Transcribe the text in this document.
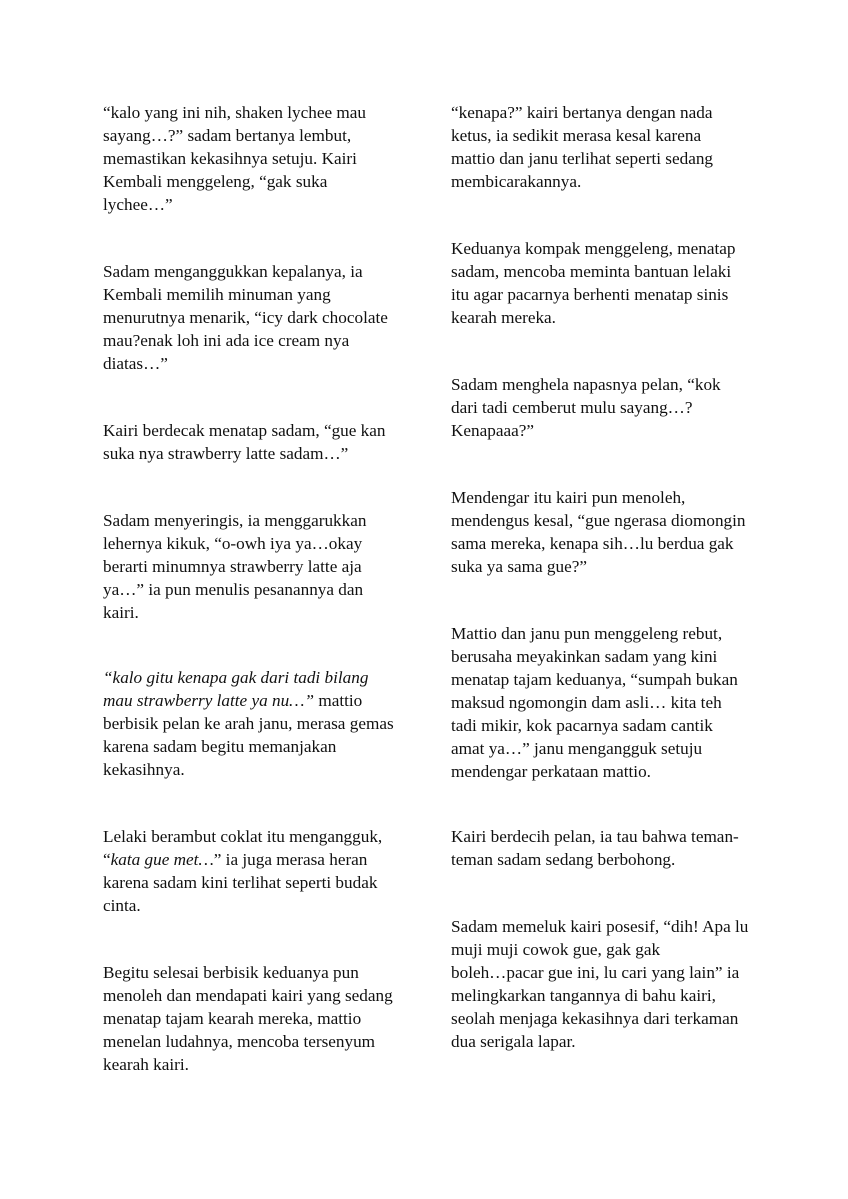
“kalo yang ini nih, shaken lychee mau
sayang…?” sadam bertanya lembut,
memastikan kekasihnya setuju. Kairi
Kembali menggeleng, “gak suka
lychee…”
Sadam menganggukkan kepalanya, ia
Kembali memilih minuman yang
menurutnya menarik, “icy dark chocolate
mau?enak loh ini ada ice cream nya
diatas…”
Kairi berdecak menatap sadam, “gue kan
suka nya strawberry latte sadam…”
Sadam menyeringis, ia menggarukkan
lehernya kikuk, “o-owh iya ya…okay
berarti minumnya strawberry latte aja
ya…” ia pun menulis pesanannya dan
kairi.
“kalo gitu kenapa gak dari tadi bilang
mau strawberry latte ya nu…” mattio
berbisik pelan ke arah janu, merasa gemas
karena sadam begitu memanjakan
kekasihnya.
Lelaki berambut coklat itu mengangguk,
“kata gue met…” ia juga merasa heran
karena sadam kini terlihat seperti budak
cinta.
Begitu selesai berbisik keduanya pun
menoleh dan mendapati kairi yang sedang
menatap tajam kearah mereka, mattio
menelan ludahnya, mencoba tersenyum
kearah kairi.
“kenapa?” kairi bertanya dengan nada
ketus, ia sedikit merasa kesal karena
mattio dan janu terlihat seperti sedang
membicarakannya.
Keduanya kompak menggeleng, menatap
sadam, mencoba meminta bantuan lelaki
itu agar pacarnya berhenti menatap sinis
kearah mereka.
Sadam menghela napasnya pelan, “kok
dari tadi cemberut mulu sayang…?
Kenapaaa?”
Mendengar itu kairi pun menoleh,
mendengus kesal, “gue ngerasa diomongin
sama mereka, kenapa sih…lu berdua gak
suka ya sama gue?”
Mattio dan janu pun menggeleng rebut,
berusaha meyakinkan sadam yang kini
menatap tajam keduanya, “sumpah bukan
maksud ngomongin dam asli… kita teh
tadi mikir, kok pacarnya sadam cantik
amat ya…” janu mengangguk setuju
mendengar perkataan mattio.
Kairi berdecih pelan, ia tau bahwa teman-
teman sadam sedang berbohong.
Sadam memeluk kairi posesif, “dih! Apa lu
muji muji cowok gue, gak gak
boleh…pacar gue ini, lu cari yang lain” ia
melingkarkan tangannya di bahu kairi,
seolah menjaga kekasihnya dari terkaman
dua serigala lapar.
